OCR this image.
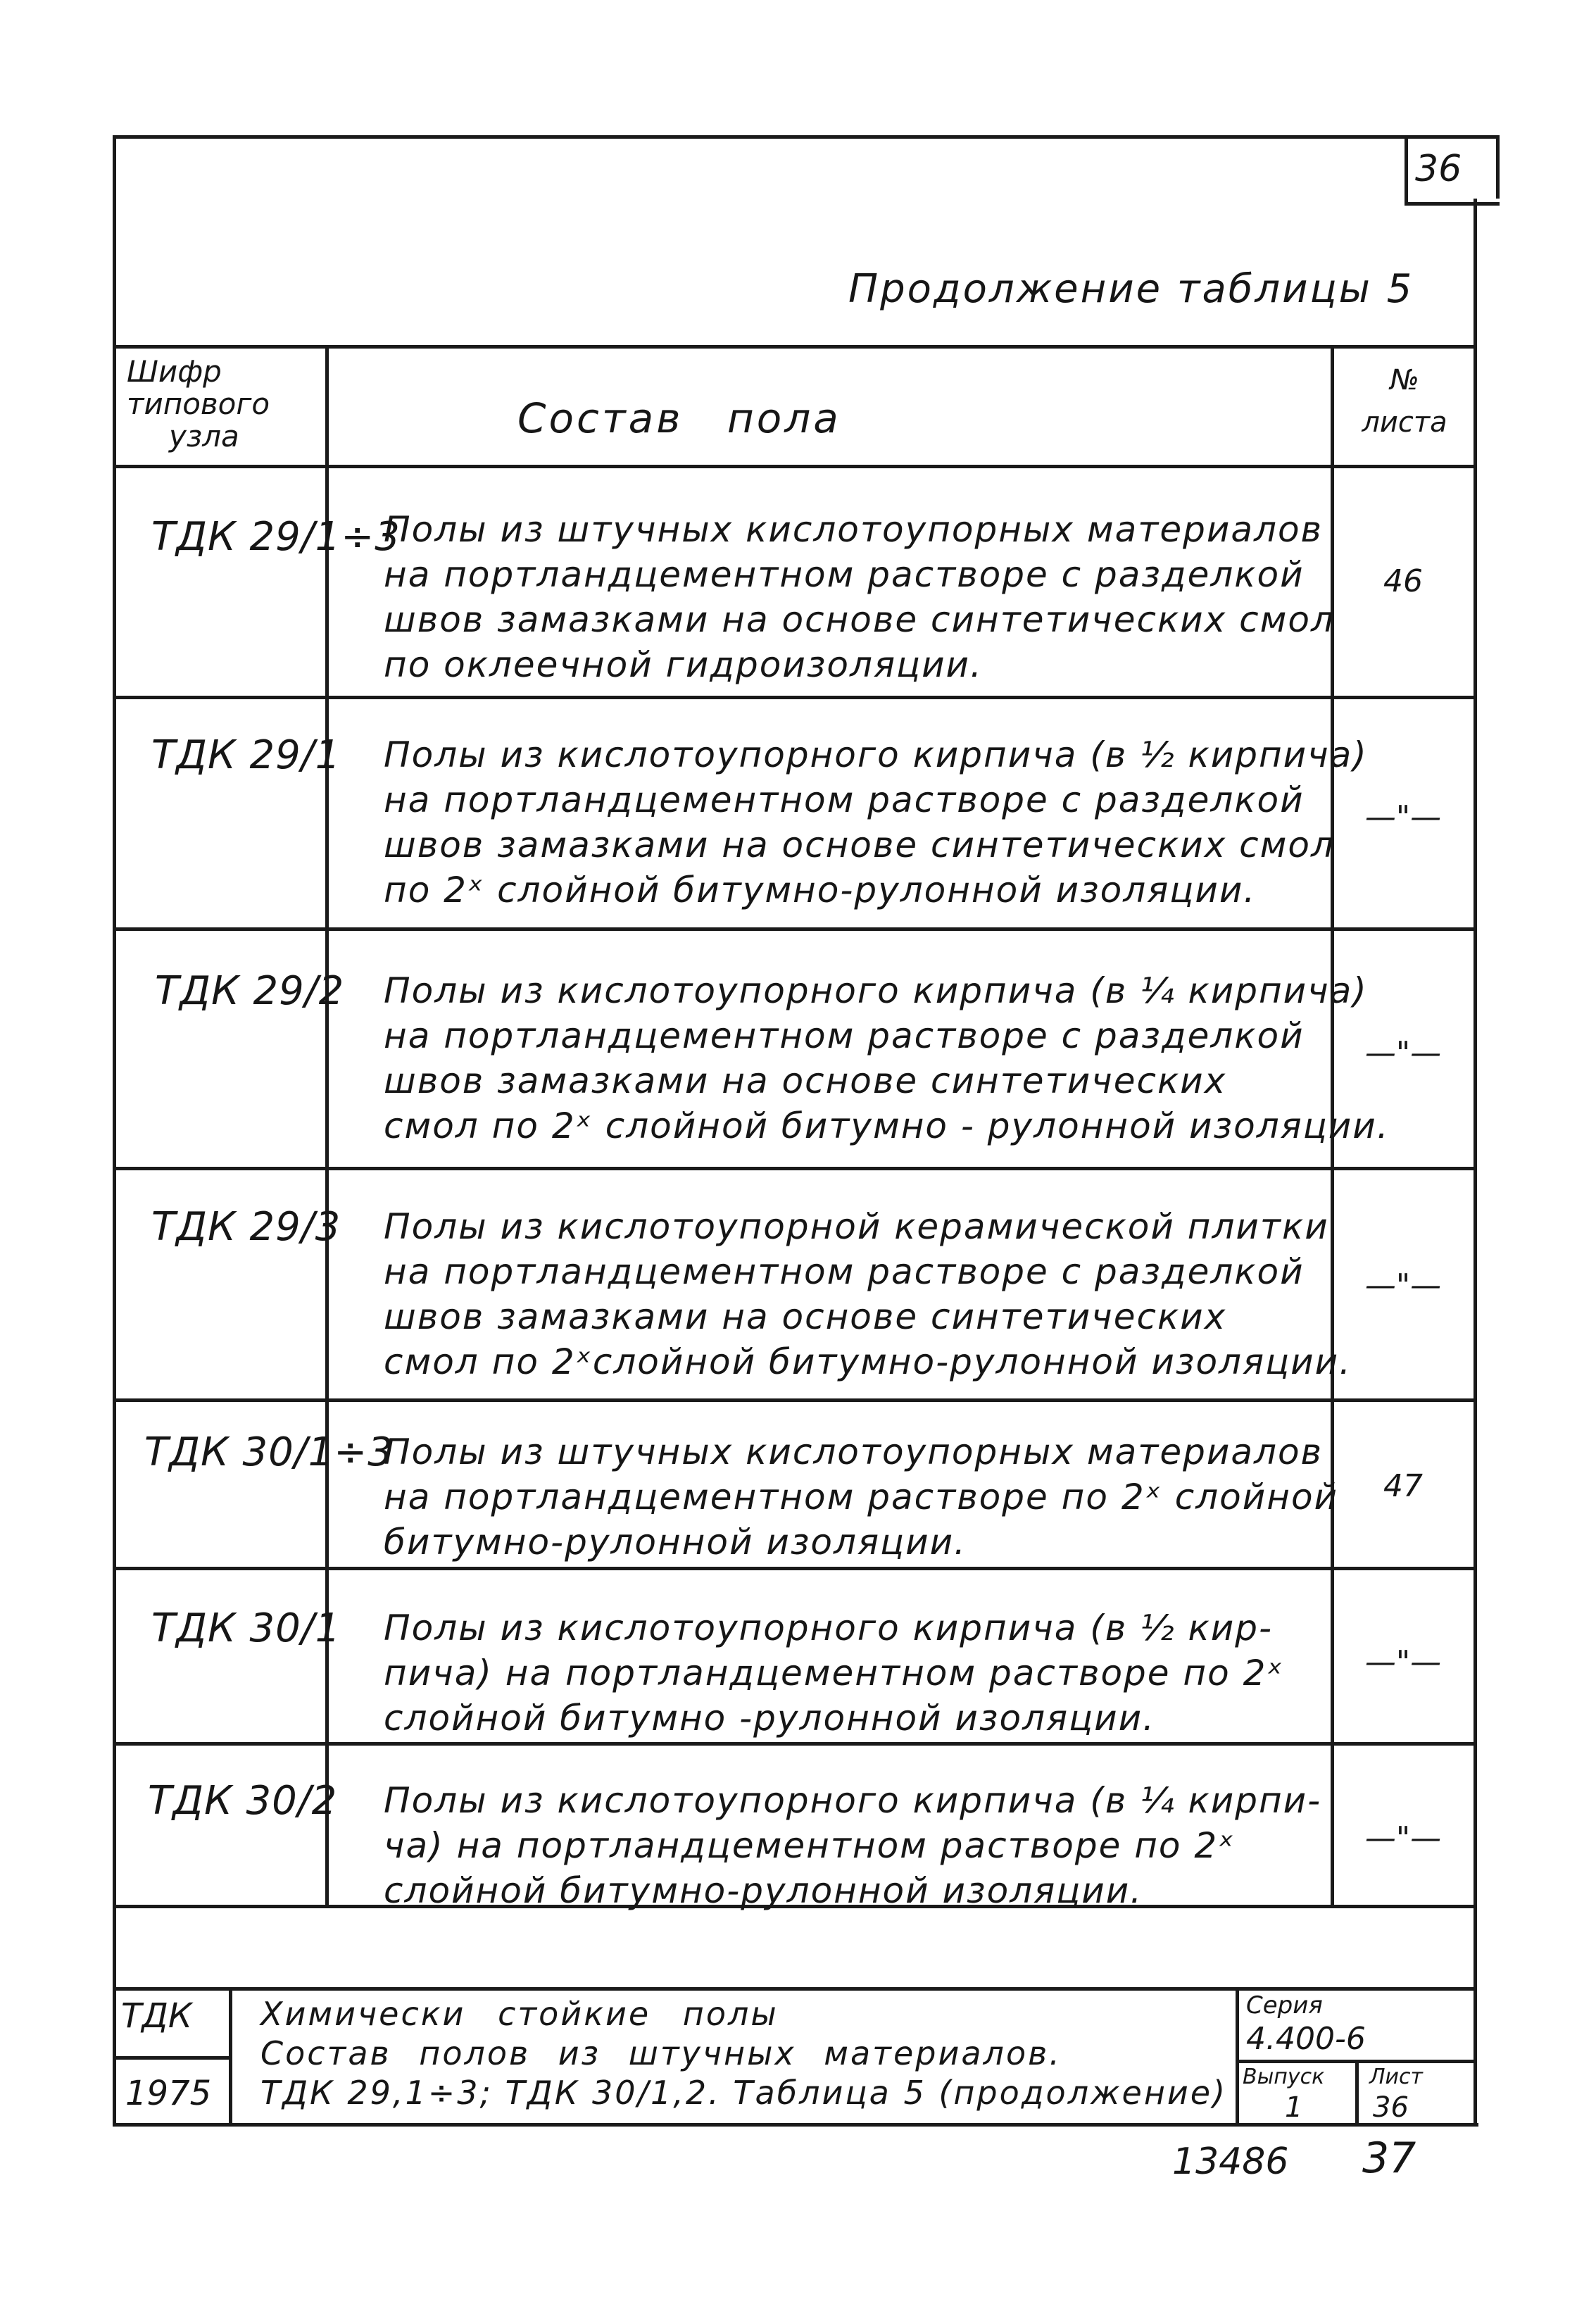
36
Продолжение таблицы 5
Шифр
типового
узла	Состав пола
№
листа
ТДК 29/1÷3
Полы из штучных кислотоупорных материалов
на портландцементном растворе с разделкой
швов замазками на основе синтетических смол
по оклеечной гидроизоляции.
46
ТДК 29/1 Полы из кислотоупорного кирпича (в ½ кирпича)
на портландцементном растворе с разделкой
швов замазками на основе синтетических смол
по 2ˣ слойной битумно-рулонной изоляции.
—"—
ТДК 29/2 Полы из кислотоупорного кирпича (в ¼ кирпича)
на портландцементном растворе с разделкой
швов замазками на основе синтетических
смол по 2ˣ слойной битумно - рулонной изоляции.
—"—
ТДК 29/3 Полы из кислотоупорной керамической плитки
на портландцементном растворе с разделкой
швов замазками на основе синтетических
смол по 2ˣслойной битумно-рулонной изоляции.
—"—
ТДК 30/1÷3
Полы из штучных кислотоупорных материалов
на портландцементном растворе по 2ˣ слойной
битумно-рулонной изоляции.
47
ТДК 30/1 Полы из кислотоупорного кирпича (в ½ кир-
пича) на портландцементном растворе по 2ˣ
слойной битумно -рулонной изоляции.
—"—
ТДК 30/2 Полы из кислотоупорного кирпича (в ¼ кирпи-
ча) на портландцементном растворе по 2ˣ
слойной битумно-рулонной изоляции.
—"—
ТДК
1975
Химически стойкие полы
Состав полов из штучных материалов.
ТДК 29,1÷3; ТДК 30/1,2. Таблица 5 (продолжение)
Серия
4.400-6
Выпуск
1
Лист
36
13486 37
